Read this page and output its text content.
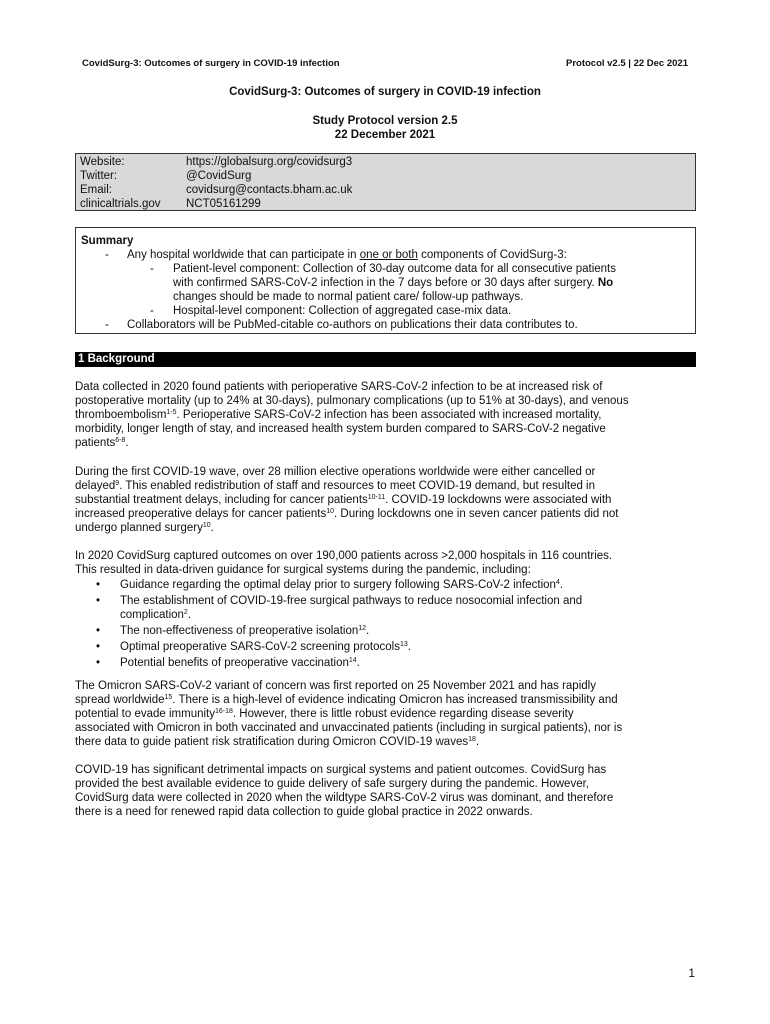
CovidSurg-3: Outcomes of surgery in COVID-19 infection	Protocol v2.5 | 22 Dec 2021
CovidSurg-3: Outcomes of surgery in COVID-19 infection
Study Protocol version 2.5
22 December 2021
Website:	https://globalsurg.org/covidsurg3
Twitter:	@CovidSurg
Email:	covidsurg@contacts.bham.ac.uk
clinicaltrials.gov	NCT05161299
Summary
- Any hospital worldwide that can participate in one or both components of CovidSurg-3:
- Patient-level component: Collection of 30-day outcome data for all consecutive patients
with confirmed SARS-CoV-2 infection in the 7 days before or 30 days after surgery. No
changes should be made to normal patient care/ follow-up pathways.
- Hospital-level component: Collection of aggregated case-mix data.
- Collaborators will be PubMed-citable co-authors on publications their data contributes to.
1 Background
Data collected in 2020 found patients with perioperative SARS-CoV-2 infection to be at increased risk of
postoperative mortality (up to 24% at 30-days), pulmonary complications (up to 51% at 30-days), and venous
thromboembolism$^{1-5}$. Perioperative SARS-CoV-2 infection has been associated with increased mortality,
morbidity, longer length of stay, and increased health system burden compared to SARS-CoV-2 negative
patients$^{6-8}$.
During the first COVID-19 wave, over 28 million elective operations worldwide were either cancelled or
delayed$^9$. This enabled redistribution of staff and resources to meet COVID-19 demand, but resulted in
substantial treatment delays, including for cancer patients$^{10-11}$. COVID-19 lockdowns were associated with
increased preoperative delays for cancer patients$^{10}$. During lockdowns one in seven cancer patients did not
undergo planned surgery$^{10}$.
In 2020 CovidSurg captured outcomes on over 190,000 patients across >2,000 hospitals in 116 countries.
This resulted in data-driven guidance for surgical systems during the pandemic, including:
• Guidance regarding the optimal delay prior to surgery following SARS-CoV-2 infection$^4$.
• The establishment of COVID-19-free surgical pathways to reduce nosocomial infection and
complication$^2$.
• The non-effectiveness of preoperative isolation$^{12}$.
• Optimal preoperative SARS-CoV-2 screening protocols$^{13}$.
• Potential benefits of preoperative vaccination$^{14}$.
The Omicron SARS-CoV-2 variant of concern was first reported on 25 November 2021 and has rapidly
spread worldwide$^{15}$. There is a high-level of evidence indicating Omicron has increased transmissibility and
potential to evade immunity$^{16-18}$. However, there is little robust evidence regarding disease severity
associated with Omicron in both vaccinated and unvaccinated patients (including in surgical patients), nor is
there data to guide patient risk stratification during Omicron COVID-19 waves$^{18}$.
COVID-19 has significant detrimental impacts on surgical systems and patient outcomes. CovidSurg has
provided the best available evidence to guide delivery of safe surgery during the pandemic. However,
CovidSurg data were collected in 2020 when the wildtype SARS-CoV-2 virus was dominant, and therefore
there is a need for renewed rapid data collection to guide global practice in 2022 onwards.
1
